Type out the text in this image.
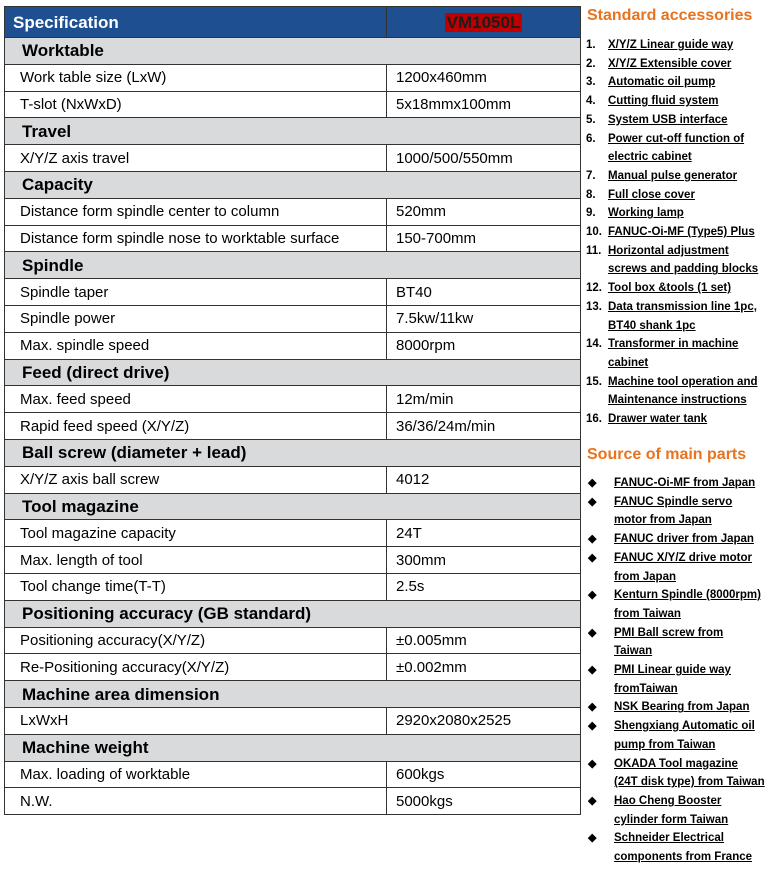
Specification	VM1050L
Worktable	
Work table size (LxW)	1200x460mm
T-slot (NxWxD)	5x18mmx100mm
Travel	
X/Y/Z axis travel	1000/500/550mm
Capacity	
Distance form spindle center to column	520mm
Distance form spindle nose to worktable surface	150-700mm
Spindle	
Spindle taper	BT40
Spindle power	7.5kw/11kw
Max. spindle speed	8000rpm
Feed (direct drive)	
Max. feed speed	12m/min
Rapid feed speed (X/Y/Z)	36/36/24m/min
Ball screw (diameter + lead)	
X/Y/Z axis ball screw	4012
Tool magazine	
Tool magazine capacity	24T
Max. length of tool	300mm
Tool change time(T-T)	2.5s
Positioning accuracy (GB standard)	
Positioning accuracy(X/Y/Z)	±0.005mm
Re-Positioning accuracy(X/Y/Z)	±0.002mm
Machine area dimension	
LxWxH	2920x2080x2525
Machine weight	
Max. loading of worktable	600kgs
N.W.	5000kgs
Standard accessories
1.	X/Y/Z Linear guide way
2.	X/Y/Z Extensible cover
3.	Automatic oil pump
4.	Cutting fluid system
5.	System USB interface
6.	Power cut-off function of
electric cabinet
7.	Manual pulse generator
8.	Full close cover
9.	Working lamp
10. FANUC-Oi-MF (Type5) Plus
11. Horizontal adjustment
screws and padding blocks
12. Tool box &tools (1 set)
13. Data transmission line 1pc,
BT40 shank 1pc
14. Transformer in machine
cabinet
15. Machine tool operation and
Maintenance instructions
16. Drawer water tank
Source of main parts
◆	FANUC-Oi-MF from Japan
◆	FANUC Spindle servo
motor from Japan
◆	FANUC driver from Japan
◆	FANUC X/Y/Z drive motor
from Japan
◆	Kenturn Spindle (8000rpm)
from Taiwan
◆	PMI Ball screw from
Taiwan
◆	PMI Linear guide way
fromTaiwan
◆	NSK Bearing from Japan
◆	Shengxiang Automatic oil
pump from Taiwan
◆	OKADA Tool magazine
(24T disk type) from Taiwan
◆	Hao Cheng Booster
cylinder form Taiwan
◆	Schneider Electrical
components from France
